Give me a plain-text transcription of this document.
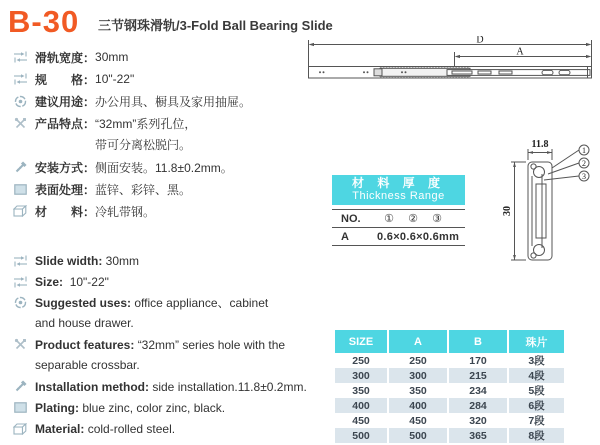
B-30 三节钢珠滑轨/3-Fold Ball Bearing Slide
滑轨宽度： 30mm
规　　格： 10"-22"
建议用途： 办公用具、橱具及家用抽屉。
产品特点： “32mm”系列孔位，
带可分离松脱闩。
安装方式： 侧面安装。11.8±0.2mm。
表面处理： 蓝锌、彩锌、黑。
材　　料： 冷轧带钢。
Slide width: 30mm
Size: 10"-22"
Suggested uses: office appliance、cabinet
and house drawer.
Product features: “32mm” series hole with the
separable crossbar.
Installation method: side installation.11.8±0.2mm.
Plating: blue zinc, color zinc, black.
Material: cold-rolled steel.
D
A
11.8
30
1
2
3
材 料 厚 度
Thickness Range
NO.	①	②	③
A	0.6×0.6×0.6mm
SIZE	A	B	珠片
250	250	170	3段
300	300	215	4段
350	350	234	5段
400	400	284	6段
450	450	320	7段
500	500	365	8段
